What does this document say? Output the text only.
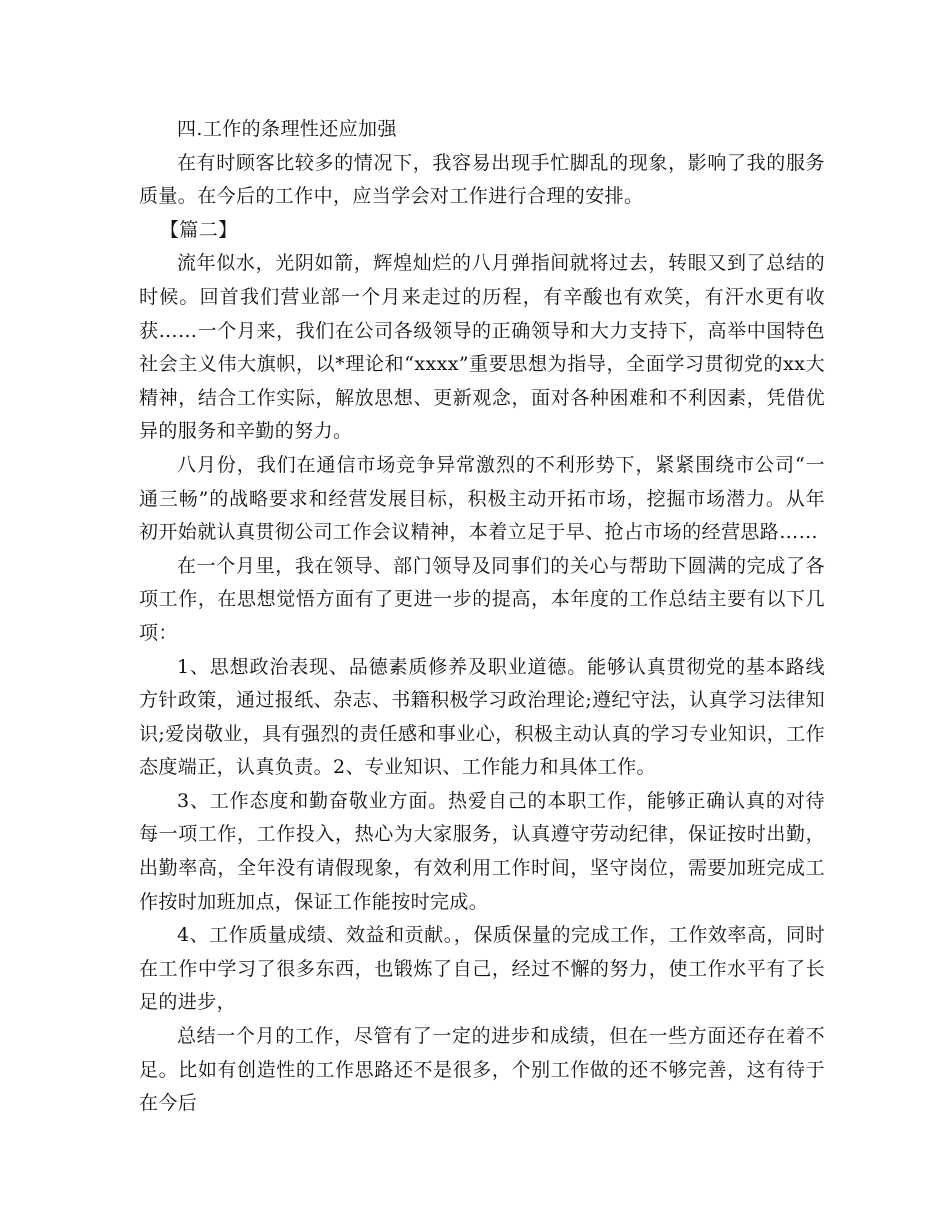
四.工作的条理性还应加强

在有时顾客比较多的情况下，我容易出现手忙脚乱的现象，影响了我的服务质量。在今后的工作中，应当学会对工作进行合理的安排。

【篇二】

流年似水，光阴如箭，辉煌灿烂的八月弹指间就将过去，转眼又到了总结的时候。回首我们营业部一个月来走过的历程，有辛酸也有欢笑，有汗水更有收获……一个月来，我们在公司各级领导的正确领导和大力支持下，高举中国特色社会主义伟大旗帜，以*理论和“xxxx”重要思想为指导，全面学习贯彻党的xx大精神，结合工作实际，解放思想、更新观念，面对各种困难和不利因素，凭借优异的服务和辛勤的努力。

八月份，我们在通信市场竞争异常激烈的不利形势下，紧紧围绕市公司“一通三畅”的战略要求和经营发展目标，积极主动开拓市场，挖掘市场潜力。从年初开始就认真贯彻公司工作会议精神，本着立足于早、抢占市场的经营思路……

在一个月里，我在领导、部门领导及同事们的关心与帮助下圆满的完成了各项工作，在思想觉悟方面有了更进一步的提高，本年度的工作总结主要有以下几项：

1、思想政治表现、品德素质修养及职业道德。能够认真贯彻党的基本路线方针政策，通过报纸、杂志、书籍积极学习政治理论;遵纪守法，认真学习法律知识;爱岗敬业，具有强烈的责任感和事业心，积极主动认真的学习专业知识，工作态度端正，认真负责。2、专业知识、工作能力和具体工作。

3、工作态度和勤奋敬业方面。热爱自己的本职工作，能够正确认真的对待每一项工作，工作投入，热心为大家服务，认真遵守劳动纪律，保证按时出勤，出勤率高，全年没有请假现象，有效利用工作时间，坚守岗位，需要加班完成工作按时加班加点，保证工作能按时完成。

4、工作质量成绩、效益和贡献。，保质保量的完成工作，工作效率高，同时在工作中学习了很多东西，也锻炼了自己，经过不懈的努力，使工作水平有了长足的进步，

总结一个月的工作，尽管有了一定的进步和成绩，但在一些方面还存在着不足。比如有创造性的工作思路还不是很多，个别工作做的还不够完善，这有待于在今后
